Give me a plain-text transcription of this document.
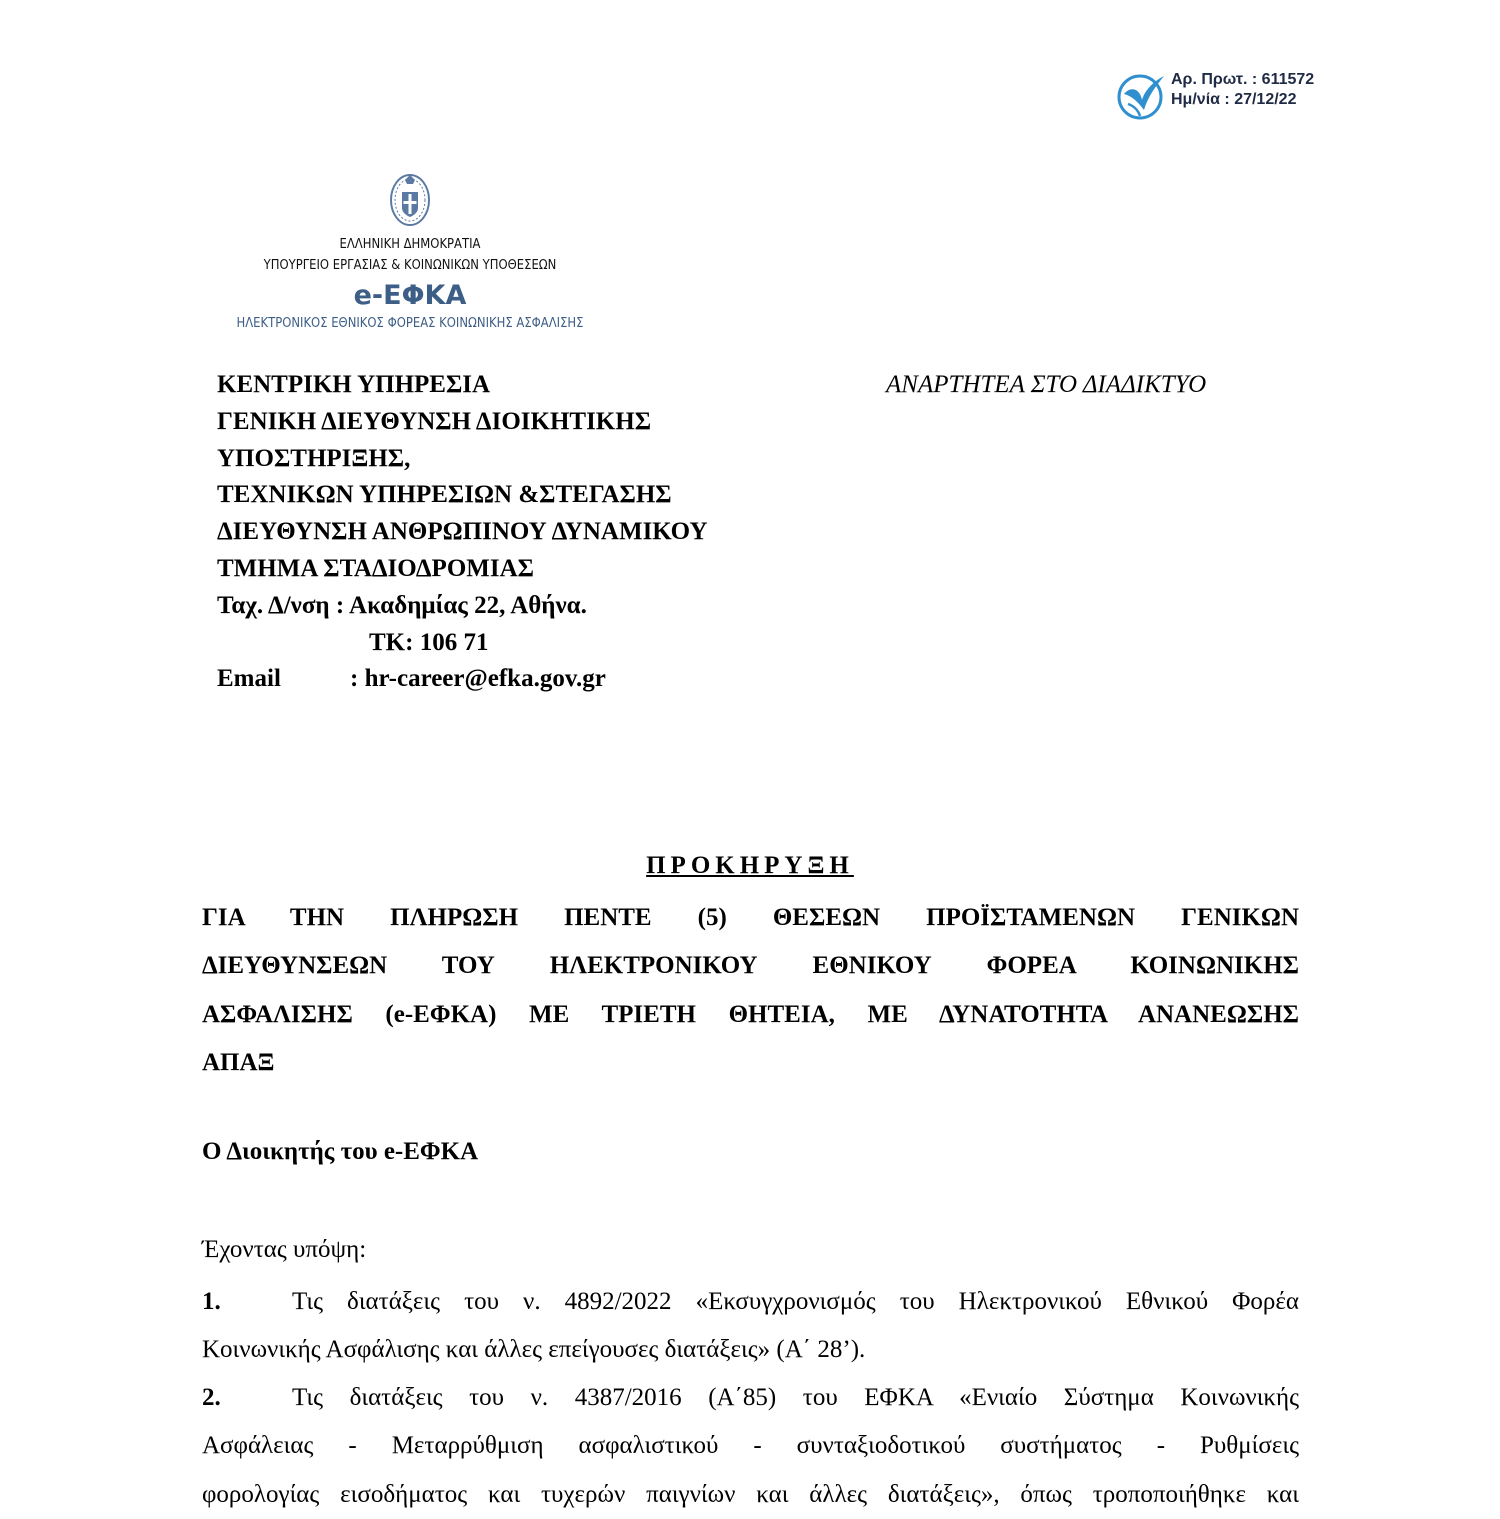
Αρ. Πρωτ. : 611572
Ημ/νία : 27/12/22
ΕΛΛΗΝΙΚΗ ΔΗΜΟΚΡΑΤΙΑ
ΥΠΟΥΡΓΕΙΟ ΕΡΓΑΣΙΑΣ & ΚΟΙΝΩΝΙΚΩΝ ΥΠΟΘΕΣΕΩΝ
e-ΕΦΚΑ
ΗΛΕΚΤΡΟΝΙΚΟΣ ΕΘΝΙΚΟΣ ΦΟΡΕΑΣ ΚΟΙΝΩΝΙΚΗΣ ΑΣΦΑΛΙΣΗΣ
ΚΕΝΤΡΙΚΗ ΥΠΗΡΕΣΙΑ
ΓΕΝΙΚΗ ΔΙΕΥΘΥΝΣΗ ΔΙΟΙΚΗΤΙΚΗΣ
ΥΠΟΣΤΗΡΙΞΗΣ,
ΤΕΧΝΙΚΩΝ ΥΠΗΡΕΣΙΩΝ &ΣΤΕΓΑΣΗΣ
ΔΙΕΥΘΥΝΣΗ ΑΝΘΡΩΠΙΝΟΥ ΔΥΝΑΜΙΚΟΥ
ΤΜΗΜΑ ΣΤΑΔΙΟΔΡΟΜΙΑΣ
Ταχ. Δ/νση : Ακαδημίας 22, Αθήνα.
ΤΚ: 106 71
Email	: hr-career@efka.gov.gr
ΑΝΑΡΤΗΤΕΑ ΣΤΟ ΔΙΑΔΙΚΤΥΟ
ΠΡΟΚΗΡΥΞΗ
ΓΙΑ ΤΗΝ ΠΛΗΡΩΣΗ ΠΕΝΤΕ (5) ΘΕΣΕΩΝ ΠΡΟΪΣΤΑΜΕΝΩΝ ΓΕΝΙΚΩΝ
ΔΙΕΥΘΥΝΣΕΩΝ ΤΟΥ ΗΛΕΚΤΡΟΝΙΚΟΥ ΕΘΝΙΚΟΥ ΦΟΡΕΑ ΚΟΙΝΩΝΙΚΗΣ
ΑΣΦΑΛΙΣΗΣ (e-ΕΦΚΑ) ΜΕ ΤΡΙΕΤΗ ΘΗΤΕΙΑ, ΜΕ ΔΥΝΑΤΟΤΗΤΑ ΑΝΑΝΕΩΣΗΣ
ΑΠΑΞ
Ο Διοικητής του e-ΕΦΚΑ
Έχοντας υπόψη:
1.	Τις διατάξεις του ν. 4892/2022 «Εκσυγχρονισμός του Ηλεκτρονικού Εθνικού Φορέα
Κοινωνικής Ασφάλισης και άλλες επείγουσες διατάξεις» (Α΄ 28’).
2.	Τις διατάξεις του ν. 4387/2016 (Α΄85) του ΕΦΚΑ «Ενιαίο Σύστημα Κοινωνικής
Ασφάλειας - Μεταρρύθμιση ασφαλιστικού - συνταξιοδοτικού συστήματος - Ρυθμίσεις
φορολογίας εισοδήματος και τυχερών παιγνίων και άλλες διατάξεις», όπως τροποποιήθηκε και
